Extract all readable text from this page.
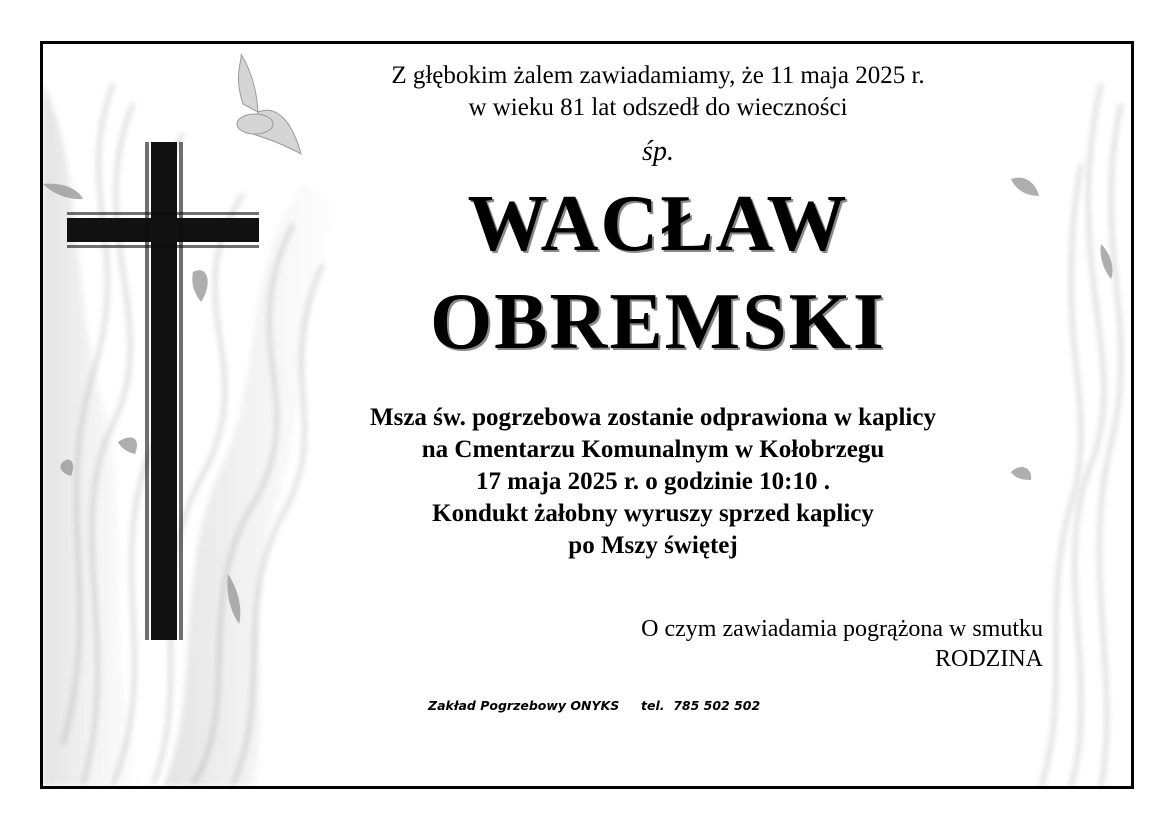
Z głębokim żalem zawiadamiamy, że 11 maja 2025 r.
w wieku 81 lat odszedł do wieczności
śp.
WACŁAW
OBREMSKI
Msza św. pogrzebowa zostanie odprawiona w kaplicy
na Cmentarzu Komunalnym w Kołobrzegu
17 maja 2025 r. o godzinie 10:10 .
Kondukt żałobny wyruszy sprzed kaplicy
po Mszy świętej
O czym zawiadamia pogrążona w smutku
RODZINA
Zakład Pogrzebowy ONYKS tel.  785 502 502
